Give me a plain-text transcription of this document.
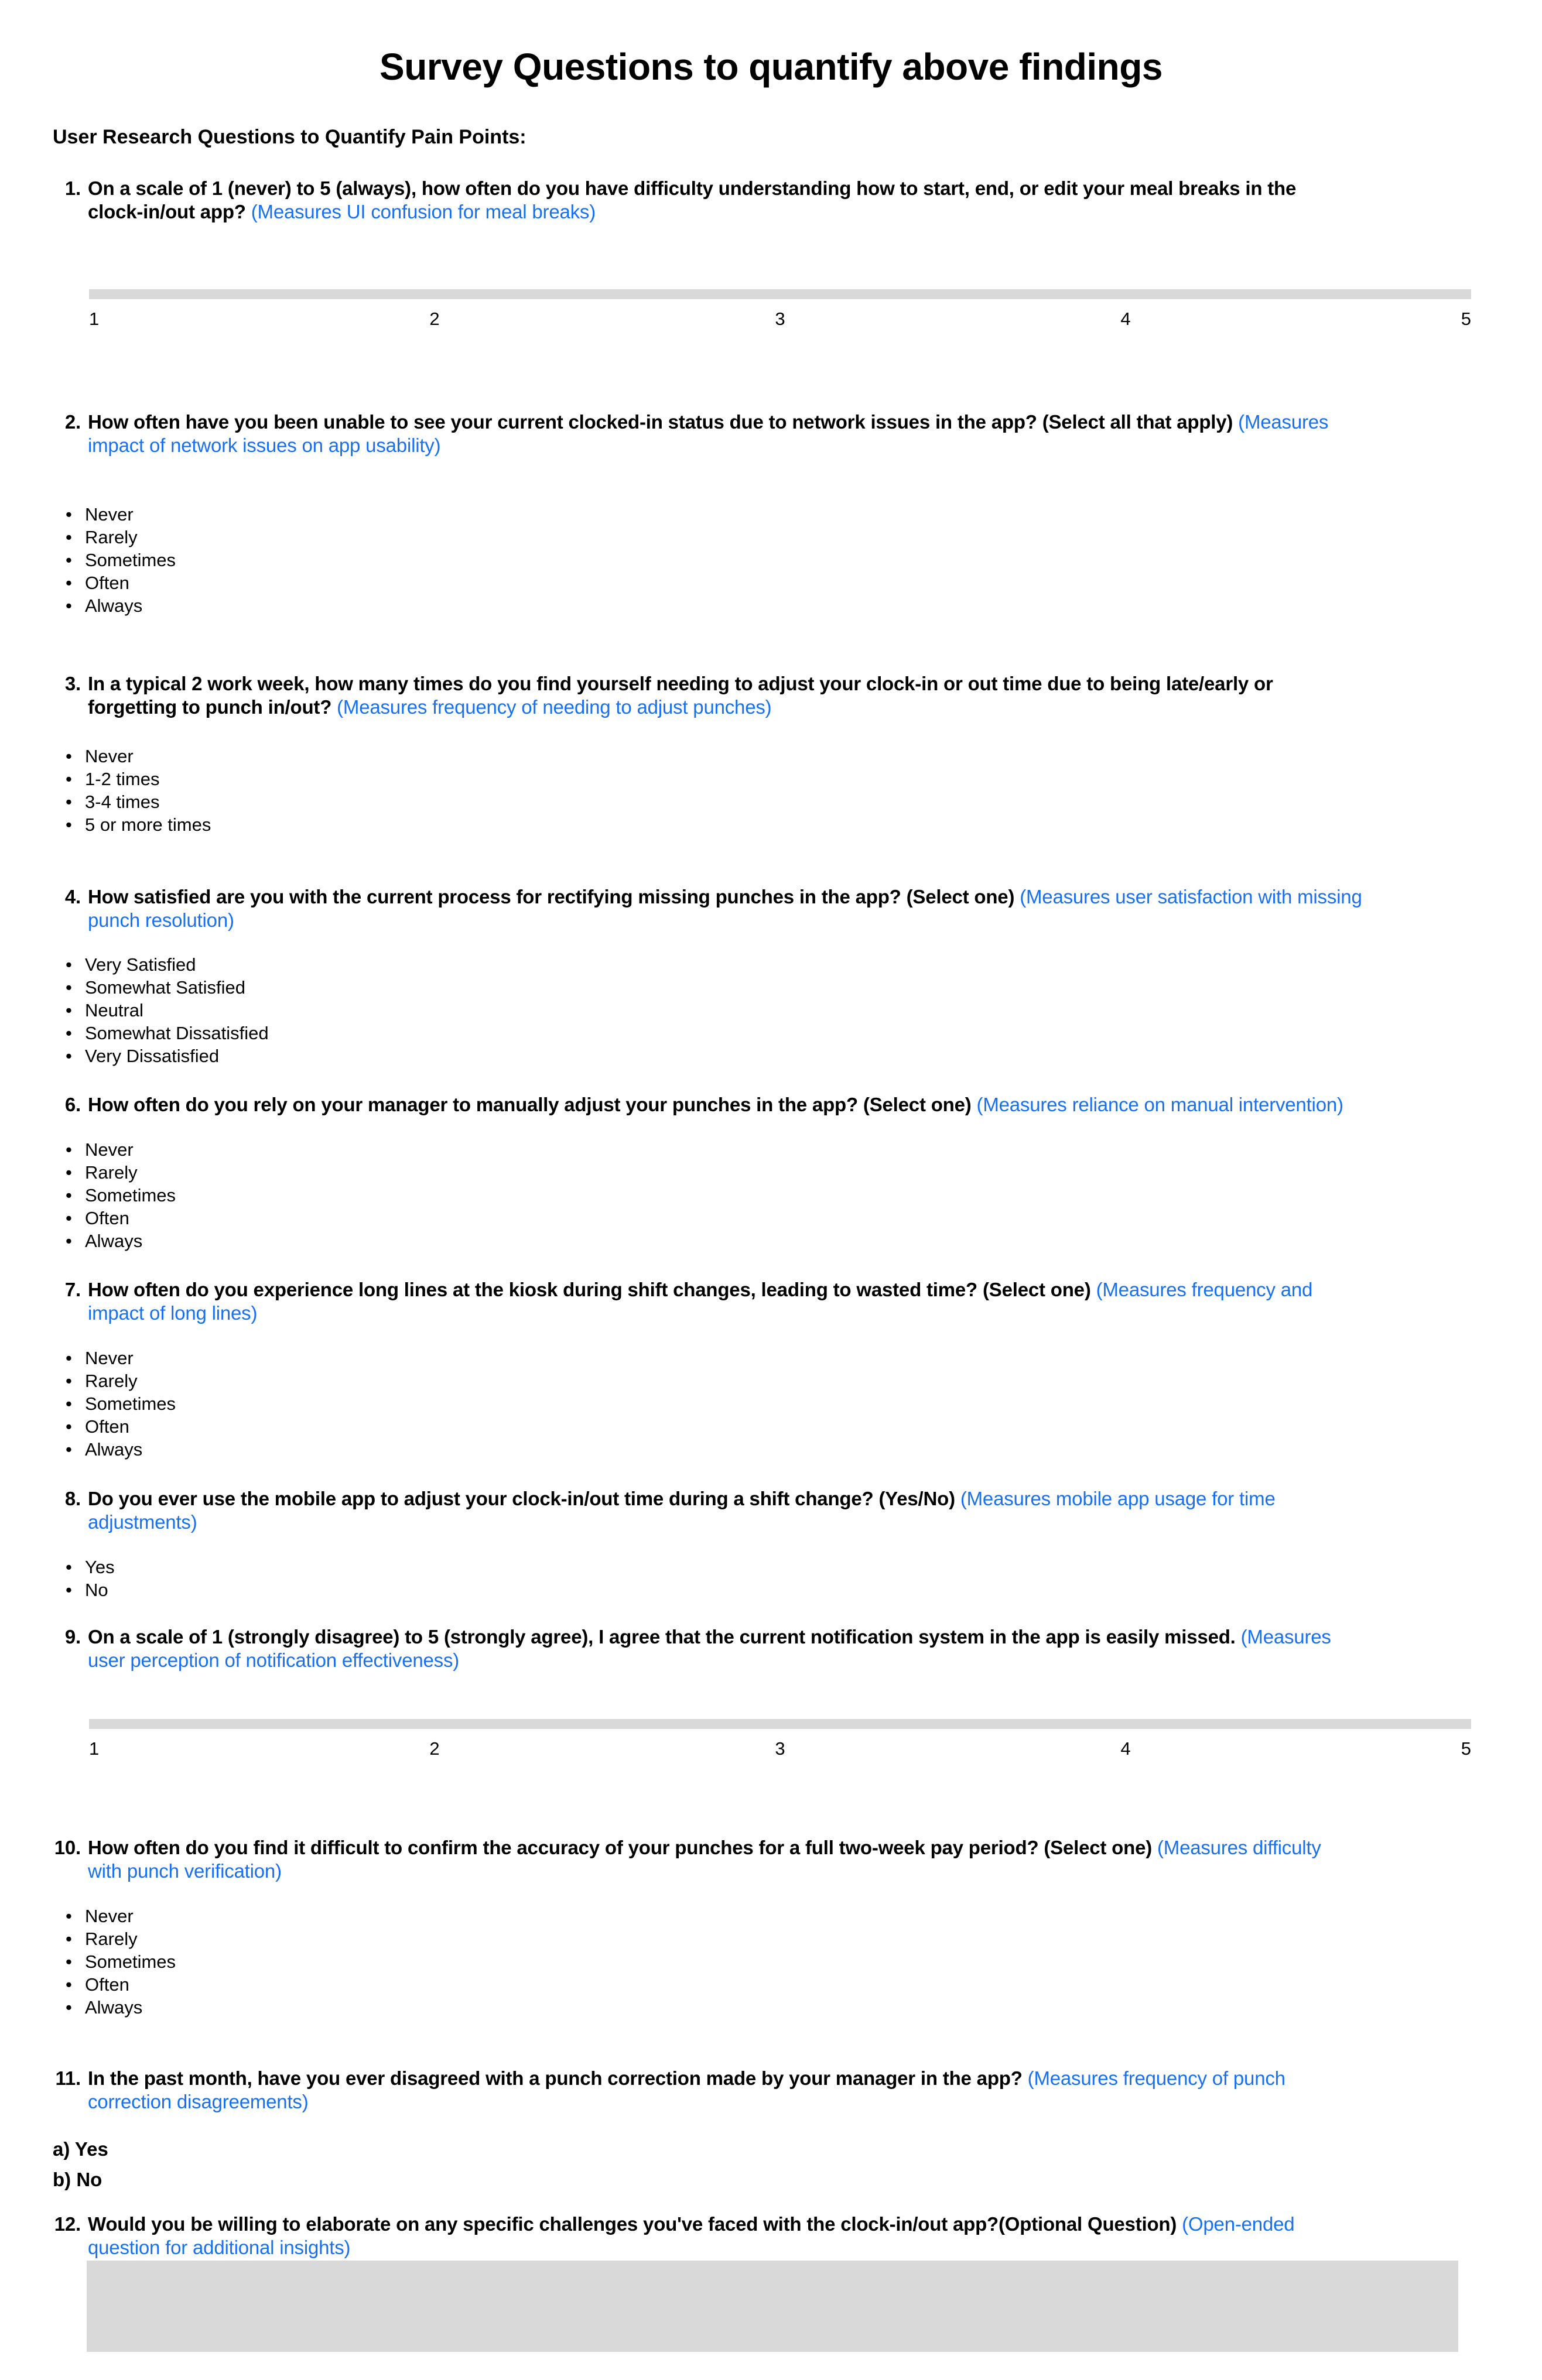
Survey Questions to quantify above findings
User Research Questions to Quantify Pain Points:
1. On a scale of 1 (never) to 5 (always), how often do you have difficulty understanding how to start, end, or edit your meal breaks in the
clock-in/out app? (Measures UI confusion for meal breaks)
1	2	3	4	5
2. How often have you been unable to see your current clocked-in status due to network issues in the app? (Select all that apply) (Measures
impact of network issues on app usability)
• Never
• Rarely
• Sometimes
• Often
• Always
3. In a typical 2 work week, how many times do you find yourself needing to adjust your clock-in or out time due to being late/early or
forgetting to punch in/out? (Measures frequency of needing to adjust punches)
• Never
• 1-2 times
• 3-4 times
• 5 or more times
4. How satisfied are you with the current process for rectifying missing punches in the app? (Select one) (Measures user satisfaction with missing
punch resolution)
• Very Satisfied
• Somewhat Satisfied
• Neutral
• Somewhat Dissatisfied
• Very Dissatisfied
6. How often do you rely on your manager to manually adjust your punches in the app? (Select one) (Measures reliance on manual intervention)
• Never
• Rarely
• Sometimes
• Often
• Always
7. How often do you experience long lines at the kiosk during shift changes, leading to wasted time? (Select one) (Measures frequency and
impact of long lines)
• Never
• Rarely
• Sometimes
• Often
• Always
8. Do you ever use the mobile app to adjust your clock-in/out time during a shift change? (Yes/No) (Measures mobile app usage for time
adjustments)
• Yes
• No
9. On a scale of 1 (strongly disagree) to 5 (strongly agree), I agree that the current notification system in the app is easily missed. (Measures
user perception of notification effectiveness)
1	2	3	4	5
10. How often do you find it difficult to confirm the accuracy of your punches for a full two-week pay period? (Select one) (Measures difficulty
with punch verification)
• Never
• Rarely
• Sometimes
• Often
• Always
11. In the past month, have you ever disagreed with a punch correction made by your manager in the app? (Measures frequency of punch
correction disagreements)
a) Yes
b) No
12. Would you be willing to elaborate on any specific challenges you've faced with the clock-in/out app?(Optional Question) (Open-ended
question for additional insights)
